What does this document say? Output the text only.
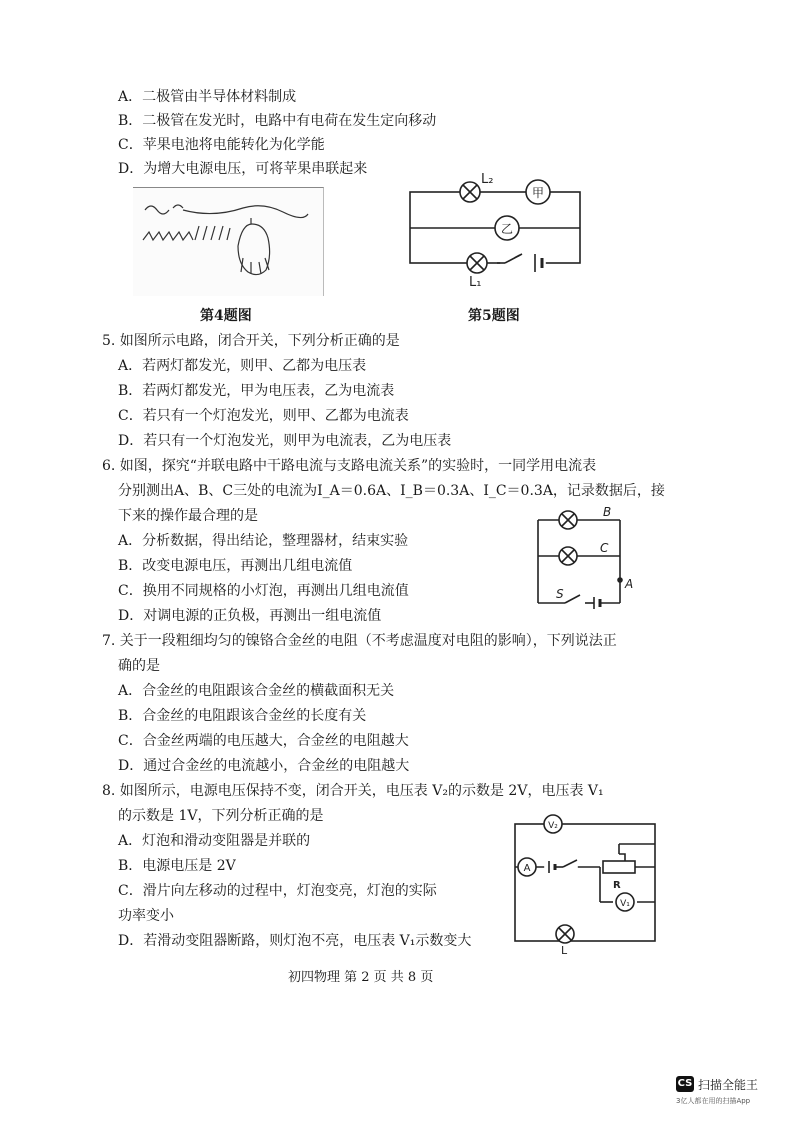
A．二极管由半导体材料制成
B．二极管在发光时，电路中有电荷在发生定向移动
C．苹果电池将电能转化为化学能
D．为增大电源电压，可将苹果串联起来
第4题图
甲
乙
L₂
L₁
第5题图
5. 如图所示电路，闭合开关，下列分析正确的是
A．若两灯都发光，则甲、乙都为电压表
B．若两灯都发光，甲为电压表，乙为电流表
C．若只有一个灯泡发光，则甲、乙都为电流表
D．若只有一个灯泡发光，则甲为电流表，乙为电压表
6. 如图，探究“并联电路中干路电流与支路电流关系”的实验时，一同学用电流表
分别测出A、B、C三处的电流为I_A＝0.6A、I_B＝0.3A、I_C＝0.3A，记录数据后，接
下来的操作最合理的是
A．分析数据，得出结论，整理器材，结束实验
B．改变电源电压，再测出几组电流值
C．换用不同规格的小灯泡，再测出几组电流值
D．对调电源的正负极，再测出一组电流值
B
C
A
S
7. 关于一段粗细均匀的镍铬合金丝的电阻（不考虑温度对电阻的影响），下列说法正
确的是
A．合金丝的电阻跟该合金丝的横截面积无关
B．合金丝的电阻跟该合金丝的长度有关
C．合金丝两端的电压越大，合金丝的电阻越大
D．通过合金丝的电流越小，合金丝的电阻越大
8. 如图所示，电源电压保持不变，闭合开关，电压表 V₂的示数是 2V，电压表 V₁
的示数是 1V，下列分析正确的是
A．灯泡和滑动变阻器是并联的
B．电源电压是 2V
C．滑片向左移动的过程中，灯泡变亮，灯泡的实际
功率变小
D．若滑动变阻器断路，则灯泡不亮，电压表 V₁示数变大
V₂
A
R
V₁
L
初四物理 第 2 页 共 8 页
CS 扫描全能王
3亿人都在用的扫描App
